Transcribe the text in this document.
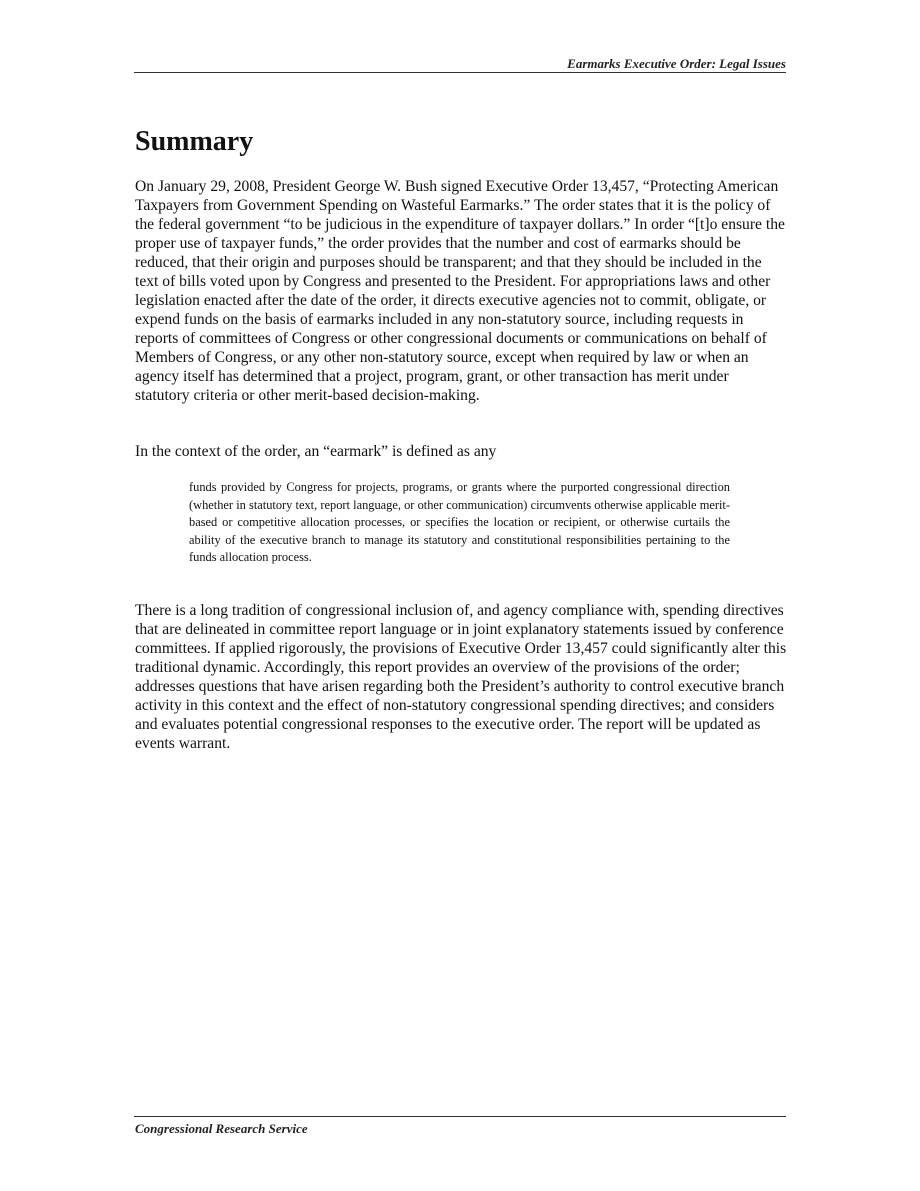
Earmarks Executive Order: Legal Issues
Summary

On January 29, 2008, President George W. Bush signed Executive Order 13,457, “Protecting American Taxpayers from Government Spending on Wasteful Earmarks.” The order states that it is the policy of the federal government “to be judicious in the expenditure of taxpayer dollars.” In order “[t]o ensure the proper use of taxpayer funds,” the order provides that the number and cost of earmarks should be reduced, that their origin and purposes should be transparent; and that they should be included in the text of bills voted upon by Congress and presented to the President. For appropriations laws and other legislation enacted after the date of the order, it directs executive agencies not to commit, obligate, or expend funds on the basis of earmarks included in any non-statutory source, including requests in reports of committees of Congress or other congressional documents or communications on behalf of Members of Congress, or any other non-statutory source, except when required by law or when an agency itself has determined that a project, program, grant, or other transaction has merit under statutory criteria or other merit-based decision-making.

In the context of the order, an “earmark” is defined as any

funds provided by Congress for projects, programs, or grants where the purported congressional direction (whether in statutory text, report language, or other communication) circumvents otherwise applicable merit-based or competitive allocation processes, or specifies the location or recipient, or otherwise curtails the ability of the executive branch to manage its statutory and constitutional responsibilities pertaining to the funds allocation process.

There is a long tradition of congressional inclusion of, and agency compliance with, spending directives that are delineated in committee report language or in joint explanatory statements issued by conference committees. If applied rigorously, the provisions of Executive Order 13,457 could significantly alter this traditional dynamic. Accordingly, this report provides an overview of the provisions of the order; addresses questions that have arisen regarding both the President’s authority to control executive branch activity in this context and the effect of non-statutory congressional spending directives; and considers and evaluates potential congressional responses to the executive order. The report will be updated as events warrant.

Congressional Research Service
